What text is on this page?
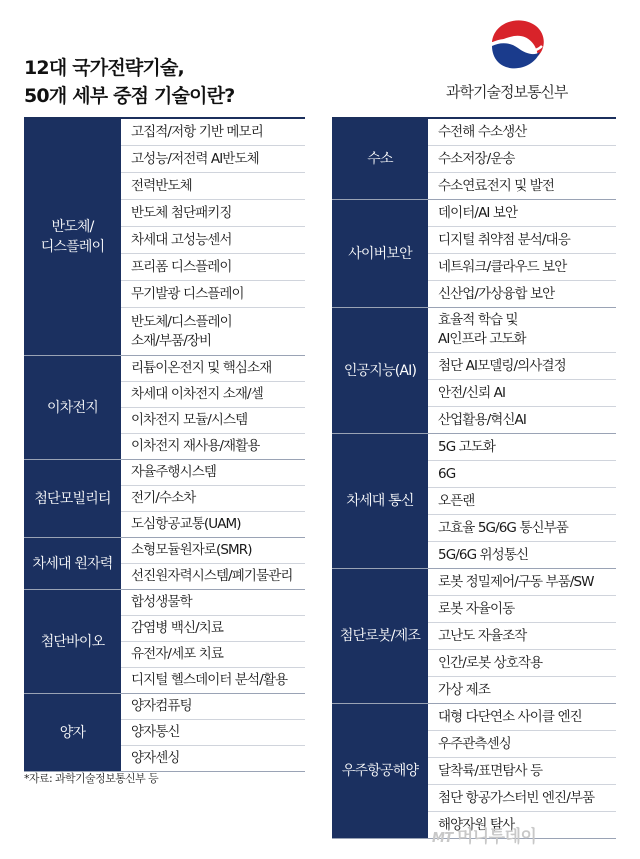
12대 국가전략기술,
50개 세부 중점 기술이란?	과학기술정보통신부
반도체/
디스플레이
고집적/저항 기반 메모리
고성능/저전력 AI반도체
전력반도체
반도체 첨단패키징
차세대 고성능센서
프리폼 디스플레이
무기발광 디스플레이
반도체/디스플레이
소재/부품/장비
이차전지
리튬이온전지 및 핵심소재
차세대 이차전지 소재/셀
이차전지 모듈/시스템
이차전지 재사용/재활용
첨단모빌리티
자율주행시스템
전기/수소차
도심항공교통(UAM)
차세대 원자력
소형모듈원자로(SMR)
선진원자력시스템/폐기물관리
첨단바이오
합성생물학
감염병 백신/치료
유전자/세포 치료
디지털 헬스데이터 분석/활용
양자
양자컴퓨팅
양자통신
양자센싱
수소
수전해 수소생산
수소저장/운송
수소연료전지 및 발전
사이버보안
데이터/AI 보안
디지털 취약점 분석/대응
네트워크/클라우드 보안
신산업/가상융합 보안
인공지능(AI)
효율적 학습 및
AI인프라 고도화
첨단 AI모델링/의사결정
안전/신뢰 AI
산업활용/혁신AI
차세대 통신
5G 고도화
6G
오픈랜
고효율 5G/6G 통신부품
5G/6G 위성통신
첨단로봇/제조
로봇 정밀제어/구동 부품/SW
로봇 자율이동
고난도 자율조작
인간/로봇 상호작용
가상 제조
우주항공해양
대형 다단연소 사이클 엔진
우주관측센싱
달착륙/표면탐사 등
첨단 항공가스터빈 엔진/부품
해양자원 탐사
*자료: 과학기술정보통신부 등
MT 머니투데이
